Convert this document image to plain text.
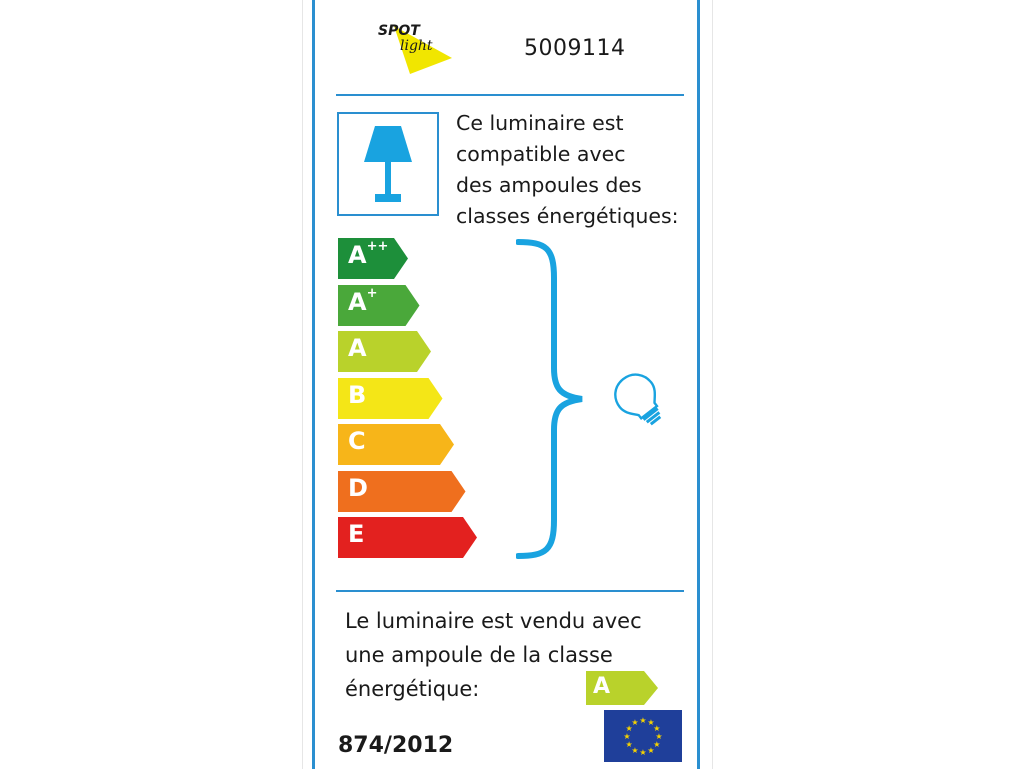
SPOT
light	5009114
Ce luminaire est
compatible avec
des ampoules des
classes énergétiques:
A++
A+
A
B
C
D
E
Le luminaire est vendu avec
une ampoule de la classe
énergétique:	A
★ ★
★
★
★
★
★
★
★
★
★
★
874/2012
